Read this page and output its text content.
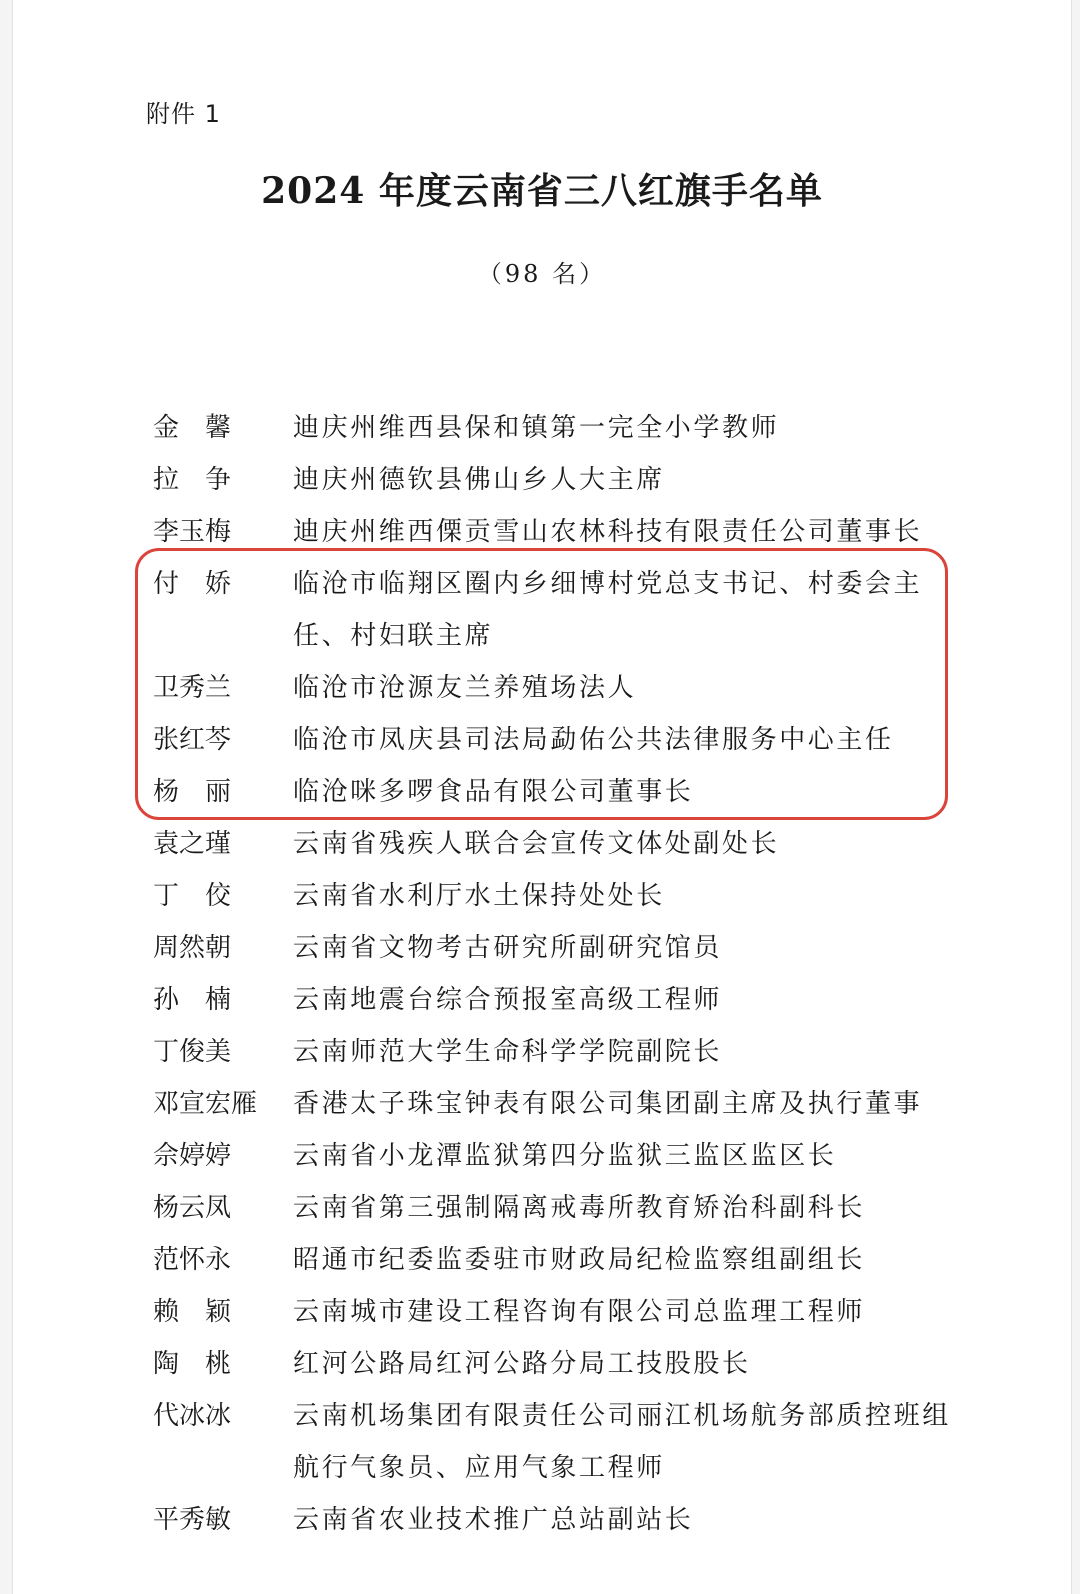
附件 1
2024 年度云南省三八红旗手名单
（98 名）
金　馨	迪庆州维西县保和镇第一完全小学教师
拉　争	迪庆州德钦县佛山乡人大主席
李玉梅	迪庆州维西傈贡雪山农林科技有限责任公司董事长
付　娇	临沧市临翔区圈内乡细博村党总支书记、村委会主任、村妇联主席
卫秀兰	临沧市沧源友兰养殖场法人
张红芩	临沧市凤庆县司法局勐佑公共法律服务中心主任
杨　丽	临沧咪多啰食品有限公司董事长
袁之瑾	云南省残疾人联合会宣传文体处副处长
丁　佼	云南省水利厅水土保持处处长
周然朝	云南省文物考古研究所副研究馆员
孙　楠	云南地震台综合预报室高级工程师
丁俊美	云南师范大学生命科学学院副院长
邓宣宏雁	香港太子珠宝钟表有限公司集团副主席及执行董事
佘婷婷	云南省小龙潭监狱第四分监狱三监区监区长
杨云凤	云南省第三强制隔离戒毒所教育矫治科副科长
范怀永	昭通市纪委监委驻市财政局纪检监察组副组长
赖　颖	云南城市建设工程咨询有限公司总监理工程师
陶　桃	红河公路局红河公路分局工技股股长
代冰冰	云南机场集团有限责任公司丽江机场航务部质控班组航行气象员、应用气象工程师
平秀敏	云南省农业技术推广总站副站长
